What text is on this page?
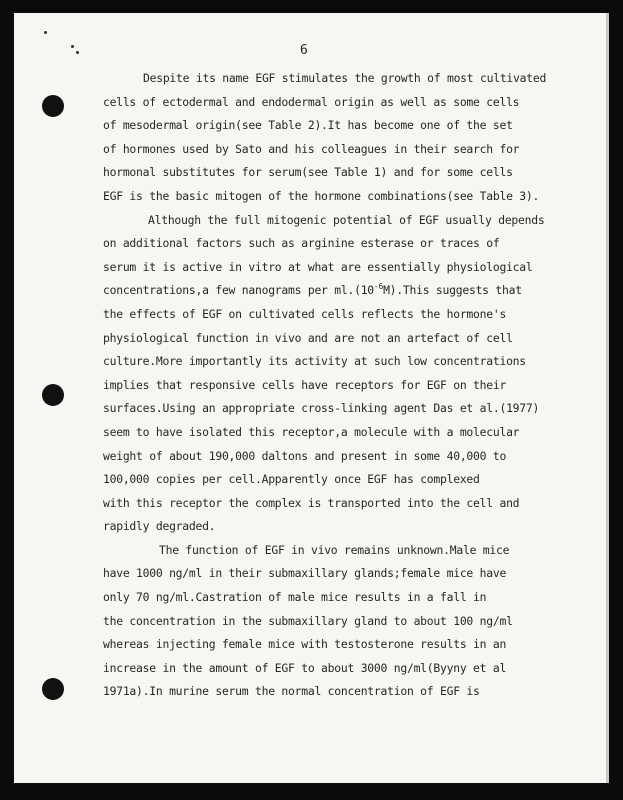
6
Despite its name EGF stimulates the growth of most cultivated
cells of ectodermal and endodermal origin as well as some cells
of mesodermal origin(see Table 2).It has become one of the set
of hormones used by Sato and his colleagues in their search for
hormonal substitutes for serum(see Table 1) and for some cells
EGF is the basic mitogen of the hormone combinations(see Table 3).
Although the full mitogenic potential of EGF usually depends
on additional factors such as arginine esterase or traces of
serum it is active in vitro at what are essentially physiological
concentrations,a few nanograms per $ml.(10^{-6}M).This$ suggests that
the effects of EGF on cultivated cells reflects the hormone's
physiological function in vivo and are not an artefact of cell
culture.More importantly its activity at such low concentrations
implies that responsive cells have receptors for EGF on their
surfaces.Using an appropriate cross-linking agent Das et al.(1977)
seem to have isolated this receptor,a molecule with a molecular
weight of about 190,000 daltons and present in some 40,000 to
100,000 copies per cell.Apparently once EGF has complexed
with this receptor the complex is transported into the cell and
rapidly degraded.
The function of EGF in vivo remains unknown.Male mice
have 1000 ng/ml in their submaxillary glands;female mice have
only 70 ng/ml.Castration of male mice results in a fall in
the concentration in the submaxillary gland to about 100 ng/ml
whereas injecting female mice with testosterone results in an
increase in the amount of EGF to about 3000 ng/ml(Byyny et al
1971a).In murine serum the normal concentration of EGF is
